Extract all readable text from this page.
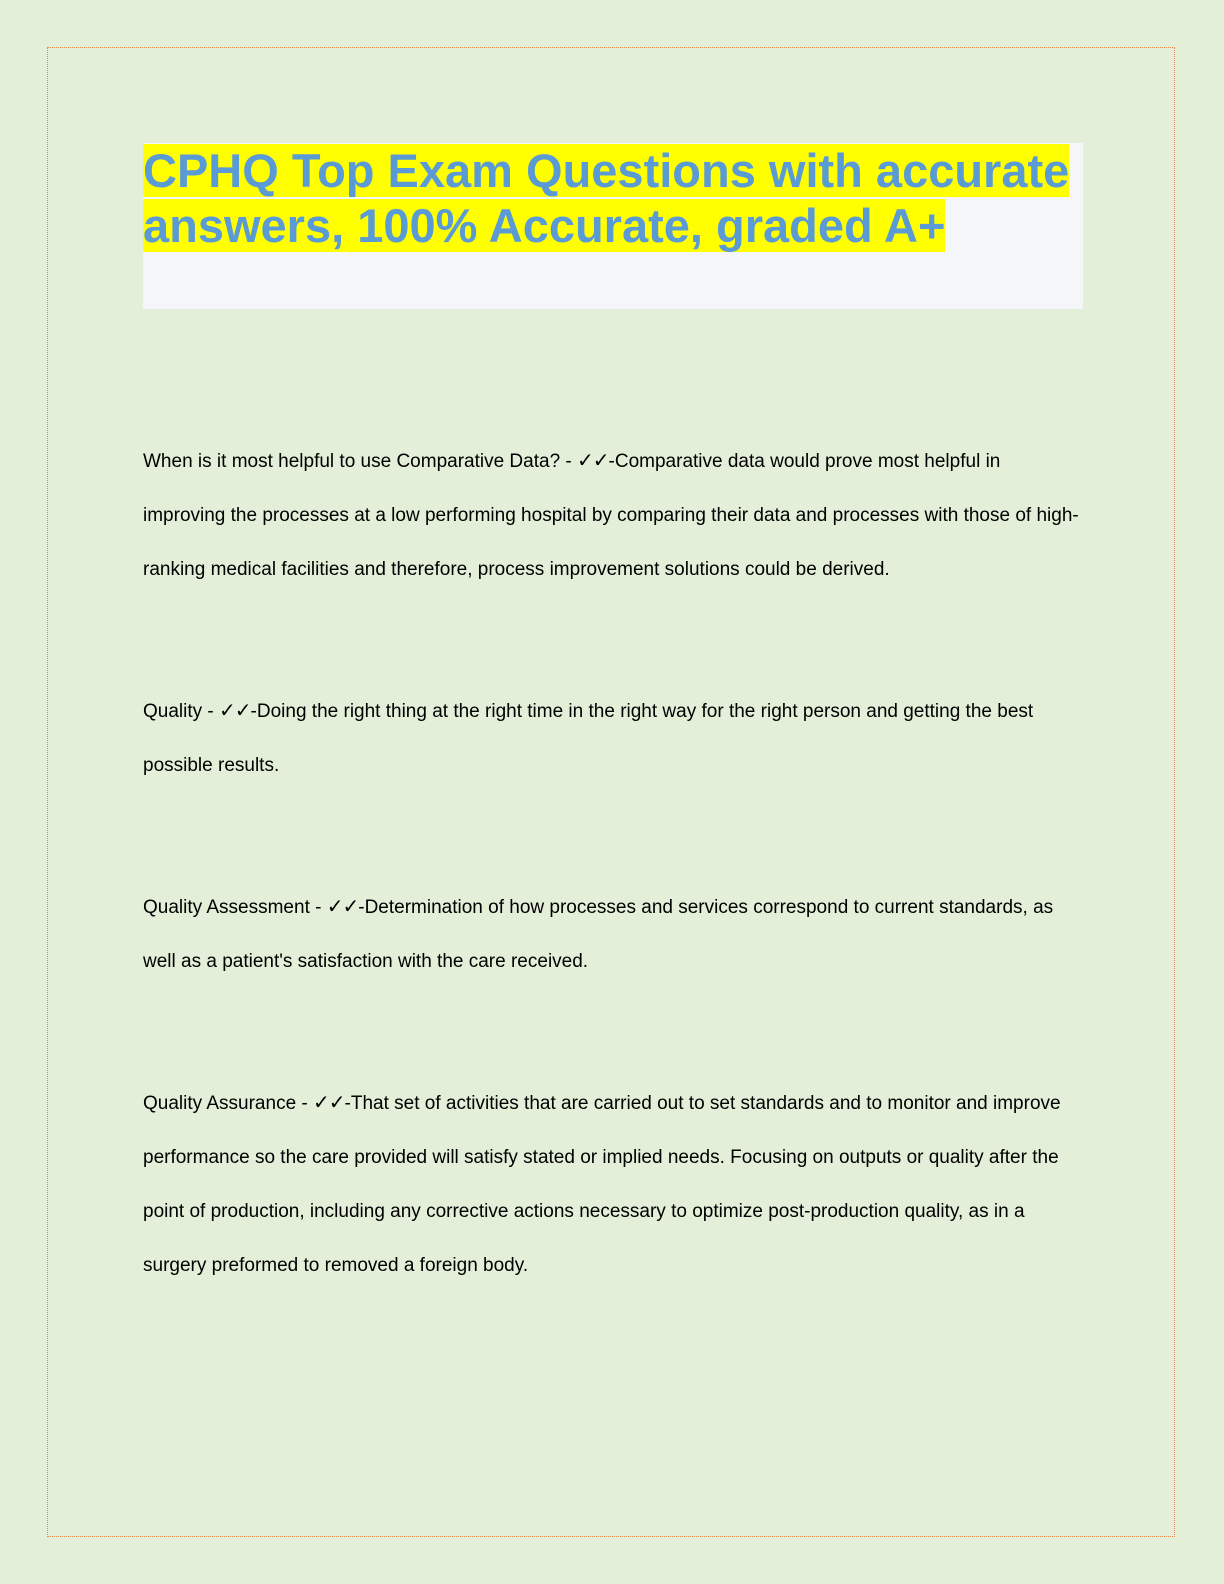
CPHQ Top Exam Questions with accurate answers, 100% Accurate, graded A+

When is it most helpful to use Comparative Data? - ✓✓-Comparative data would prove most helpful in improving the processes at a low performing hospital by comparing their data and processes with those of high-ranking medical facilities and therefore, process improvement solutions could be derived.

Quality - ✓✓-Doing the right thing at the right time in the right way for the right person and getting the best possible results.

Quality Assessment - ✓✓-Determination of how processes and services correspond to current standards, as well as a patient's satisfaction with the care received.

Quality Assurance - ✓✓-That set of activities that are carried out to set standards and to monitor and improve performance so the care provided will satisfy stated or implied needs. Focusing on outputs or quality after the point of production, including any corrective actions necessary to optimize post-production quality, as in a surgery preformed to removed a foreign body.
